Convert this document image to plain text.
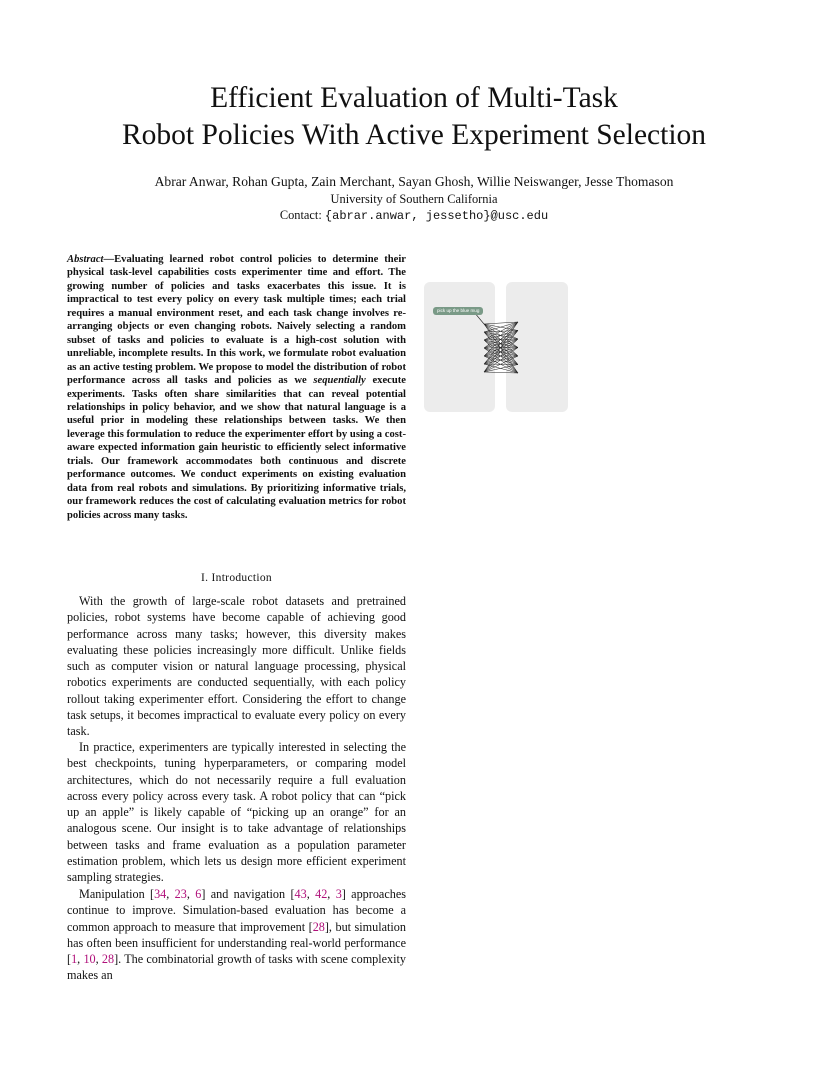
Efficient Evaluation of Multi-Task
Robot Policies With Active Experiment Selection
Abrar Anwar, Rohan Gupta, Zain Merchant, Sayan Ghosh, Willie Neiswanger, Jesse Thomason
University of Southern California
Contact: {abrar.anwar, jessetho}@usc.edu
Abstract—Evaluating learned robot control policies to determine their physical task-level capabilities costs experimenter time and effort. The growing number of policies and tasks exacerbates this issue. It is impractical to test every policy on every task multiple times; each trial requires a manual environment reset, and each task change involves re-arranging objects or even changing robots. Naively selecting a random subset of tasks and policies to evaluate is a high-cost solution with unreliable, incomplete results. In this work, we formulate robot evaluation as an active testing problem. We propose to model the distribution of robot performance across all tasks and policies as we sequentially execute experiments. Tasks often share similarities that can reveal potential relationships in policy behavior, and we show that natural language is a useful prior in modeling these relationships between tasks. We then leverage this formulation to reduce the experimenter effort by using a cost-aware expected information gain heuristic to efficiently select informative trials. Our framework accommodates both continuous and discrete performance outcomes. We conduct experiments on existing evaluation data from real robots and simulations. By prioritizing informative trials, our framework reduces the cost of calculating evaluation metrics for robot policies across many tasks.
I. Introduction

With the growth of large-scale robot datasets and pretrained policies, robot systems have become capable of achieving good performance across many tasks; however, this diversity makes evaluating these policies increasingly more difficult. Unlike fields such as computer vision or natural language processing, physical robotics experiments are conducted sequentially, with each policy rollout taking experimenter effort. Considering the effort to change task setups, it becomes impractical to evaluate every policy on every task.

In practice, experimenters are typically interested in selecting the best checkpoints, tuning hyperparameters, or comparing model architectures, which do not necessarily require a full evaluation across every policy across every task. A robot policy that can “pick up an apple” is likely capable of “picking up an orange” for an analogous scene. Our insight is to take advantage of relationships between tasks and frame evaluation as a population parameter estimation problem, which lets us design more efficient experiment sampling strategies.

Manipulation [34, 23, 6] and navigation [43, 42, 3] approaches continue to improve. Simulation-based evaluation has become a common approach to measure that improvement [28], but simulation has often been insufficient for understanding real-world performance [1, 10, 28]. The combinatorial growth of tasks with scene complexity makes an

pick up the blue mug
